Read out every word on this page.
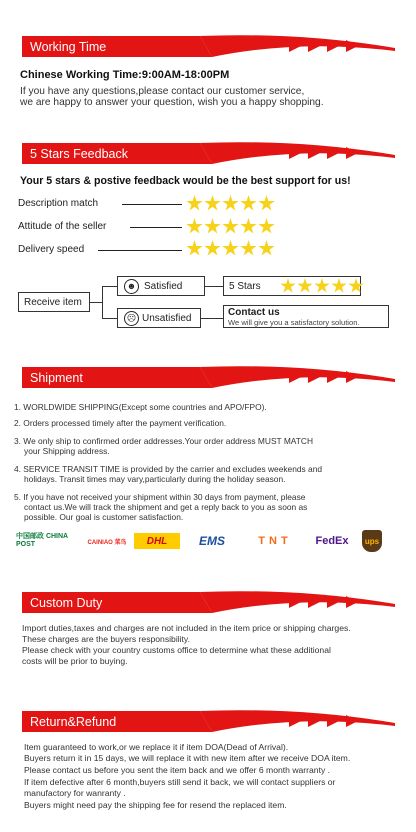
Working Time
Chinese Working Time:9:00AM-18:00PM
If you have any questions,please contact our customer service,
we are happy to answer your question, wish you a happy shopping.
5 Stars Feedback
Your 5 stars & postive feedback would be the best support for us!
Description match
Attitude of the seller
Delivery speed
Receive item
☻ Satisfied
☹ Unsatisfied
5 Stars
Contact us
We will give you a satisfactory solution.
Shipment
1. WORLDWIDE SHIPPING(Except some countries and APO/FPO).
2. Orders processed timely after the payment verification.
3. We only ship to confirmed order addresses.Your order address MUST MATCH
your Shipping address.
4. SERVICE TRANSIT TIME is provided by the carrier and excludes weekends and
holidays. Transit times may vary,particularly during the holiday season.
5. If you have not received your shipment within 30 days from payment, please
contact us.We will track the shipment and get a reply back to you as soon as
possible. Our goal is customer satisfaction.
中国邮政 CHINA POST	CAINIAO 菜鸟 DHL	EMS	TNT FedEx ups
Custom Duty
Import duties,taxes and charges are not included in the item price or shipping charges.
These charges are the buyers responsibility.
Please check with your country customs office to determine what these additional
costs will be prior to buying.
Return&Refund
Item guaranteed to work,or we replace it if item DOA(Dead of Arrival).
Buyers return it in 15 days, we will replace it with new item after we receive DOA item.
Please contact us before you sent the item back and we offer 6 month warranty .
If item defective after 6 month,buyers still send it back, we will contact suppliers or
manufactory for wanranty .
Buyers might need pay the shipping fee for resend the replaced item.
